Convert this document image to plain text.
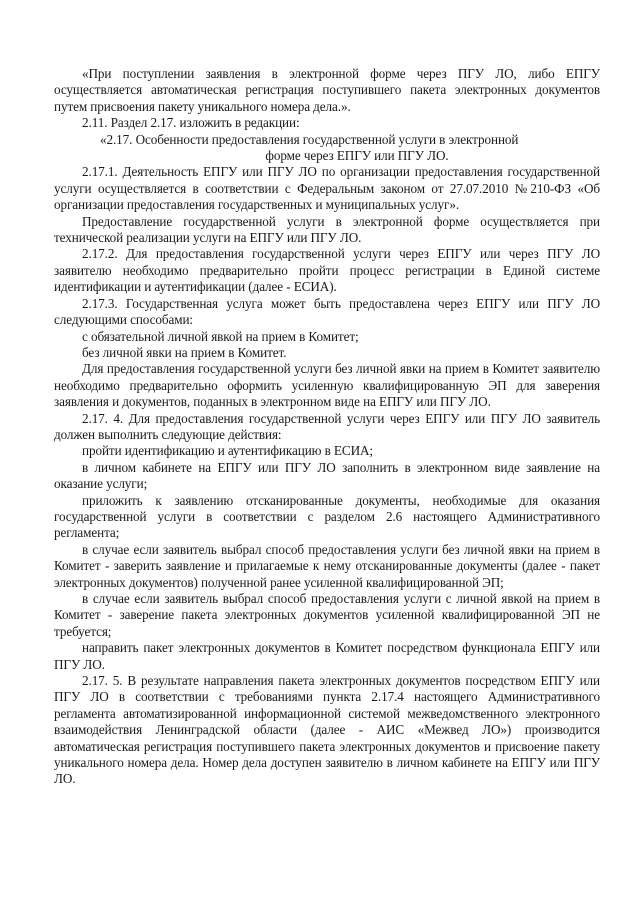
«При поступлении заявления в электронной форме через ПГУ ЛО, либо ЕПГУ осуществляется автоматическая регистрация поступившего пакета электронных документов путем присвоения пакету уникального номера дела.».

2.11. Раздел 2.17. изложить в редакции:

«2.17. Особенности предоставления государственной услуги в электронной

форме через ЕПГУ или ПГУ ЛО.

2.17.1. Деятельность ЕПГУ или ПГУ ЛО по организации предоставления государственной услуги осуществляется в соответствии с Федеральным законом от 27.07.2010 №210-ФЗ «Об организации предоставления государственных и муниципальных услуг».

Предоставление государственной услуги в электронной форме осуществляется при технической реализации услуги на ЕПГУ или ПГУ ЛО.

2.17.2. Для предоставления государственной услуги через ЕПГУ или через ПГУ ЛО заявителю необходимо предварительно пройти процесс регистрации в Единой системе идентификации и аутентификации (далее - ЕСИА).

2.17.3. Государственная услуга может быть предоставлена через ЕПГУ или ПГУ ЛО следующими способами:

с обязательной личной явкой на прием в Комитет;

без личной явки на прием в Комитет.

Для предоставления государственной услуги без личной явки на прием в Комитет заявителю необходимо предварительно оформить усиленную квалифицированную ЭП для заверения заявления и документов, поданных в электронном виде на ЕПГУ или ПГУ ЛО.

2.17. 4. Для предоставления государственной услуги через ЕПГУ или ПГУ ЛО заявитель должен выполнить следующие действия:

пройти идентификацию и аутентификацию в ЕСИА;

в личном кабинете на ЕПГУ или ПГУ ЛО заполнить в электронном виде заявление на оказание услуги;

приложить к заявлению отсканированные документы, необходимые для оказания государственной услуги в соответствии с разделом 2.6 настоящего Административного регламента;

в случае если заявитель выбрал способ предоставления услуги без личной явки на прием в Комитет - заверить заявление и прилагаемые к нему отсканированные документы (далее - пакет электронных документов) полученной ранее усиленной квалифицированной ЭП;

в случае если заявитель выбрал способ предоставления услуги с личной явкой на прием в Комитет - заверение пакета электронных документов усиленной квалифицированной ЭП не требуется;

направить пакет электронных документов в Комитет посредством функционала ЕПГУ или ПГУ ЛО.

2.17. 5. В результате направления пакета электронных документов посредством ЕПГУ или ПГУ ЛО в соответствии с требованиями пункта 2.17.4 настоящего Административного регламента автоматизированной информационной системой межведомственного электронного взаимодействия Ленинградской области (далее - АИС «Межвед ЛО») производится автоматическая регистрация поступившего пакета электронных документов и присвоение пакету уникального номера дела. Номер дела доступен заявителю в личном кабинете на ЕПГУ или ПГУ ЛО.
